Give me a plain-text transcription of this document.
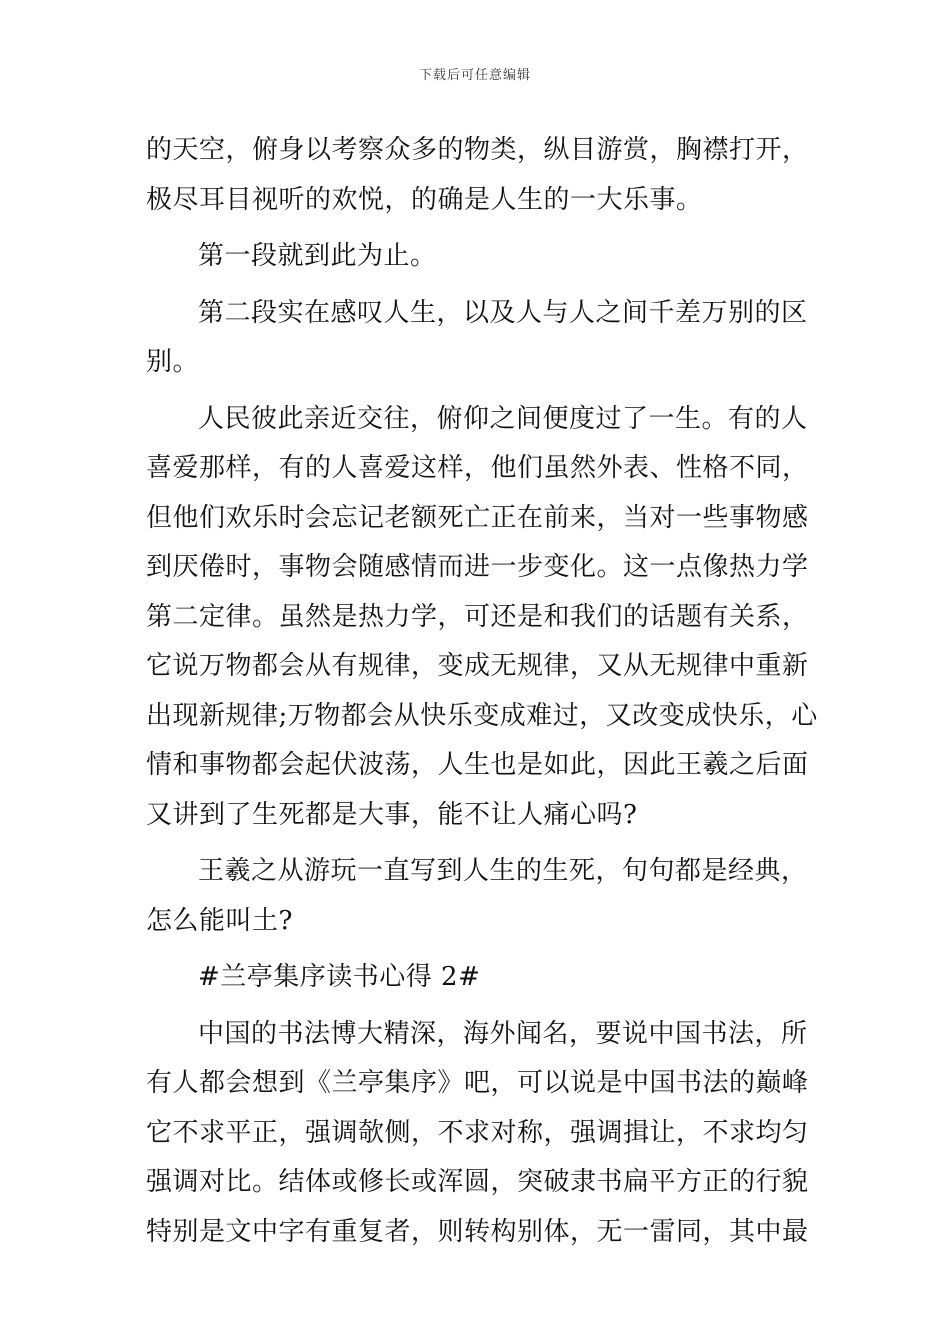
下载后可任意编辑
的天空，俯身以考察众多的物类，纵目游赏，胸襟打开，
极尽耳目视听的欢悦，的确是人生的一大乐事。
第一段就到此为止。
第二段实在感叹人生，以及人与人之间千差万别的区
别。
人民彼此亲近交往，俯仰之间便度过了一生。有的人
喜爱那样，有的人喜爱这样，他们虽然外表、性格不同，
但他们欢乐时会忘记老额死亡正在前来，当对一些事物感
到厌倦时，事物会随感情而进一步变化。这一点像热力学
第二定律。虽然是热力学，可还是和我们的话题有关系，
它说万物都会从有规律，变成无规律，又从无规律中重新
出现新规律;万物都会从快乐变成难过，又改变成快乐，心
情和事物都会起伏波荡，人生也是如此，因此王羲之后面
又讲到了生死都是大事，能不让人痛心吗?
王羲之从游玩一直写到人生的生死，句句都是经典，
怎么能叫土?
#兰亭集序读书心得 2#
中国的书法博大精深，海外闻名，要说中国书法，所
有人都会想到《兰亭集序》吧，可以说是中国书法的巅峰
它不求平正，强调欹侧，不求对称，强调揖让，不求均匀
强调对比。结体或修长或浑圆，突破隶书扁平方正的行貌
特别是文中字有重复者，则转构别体，无一雷同，其中最
